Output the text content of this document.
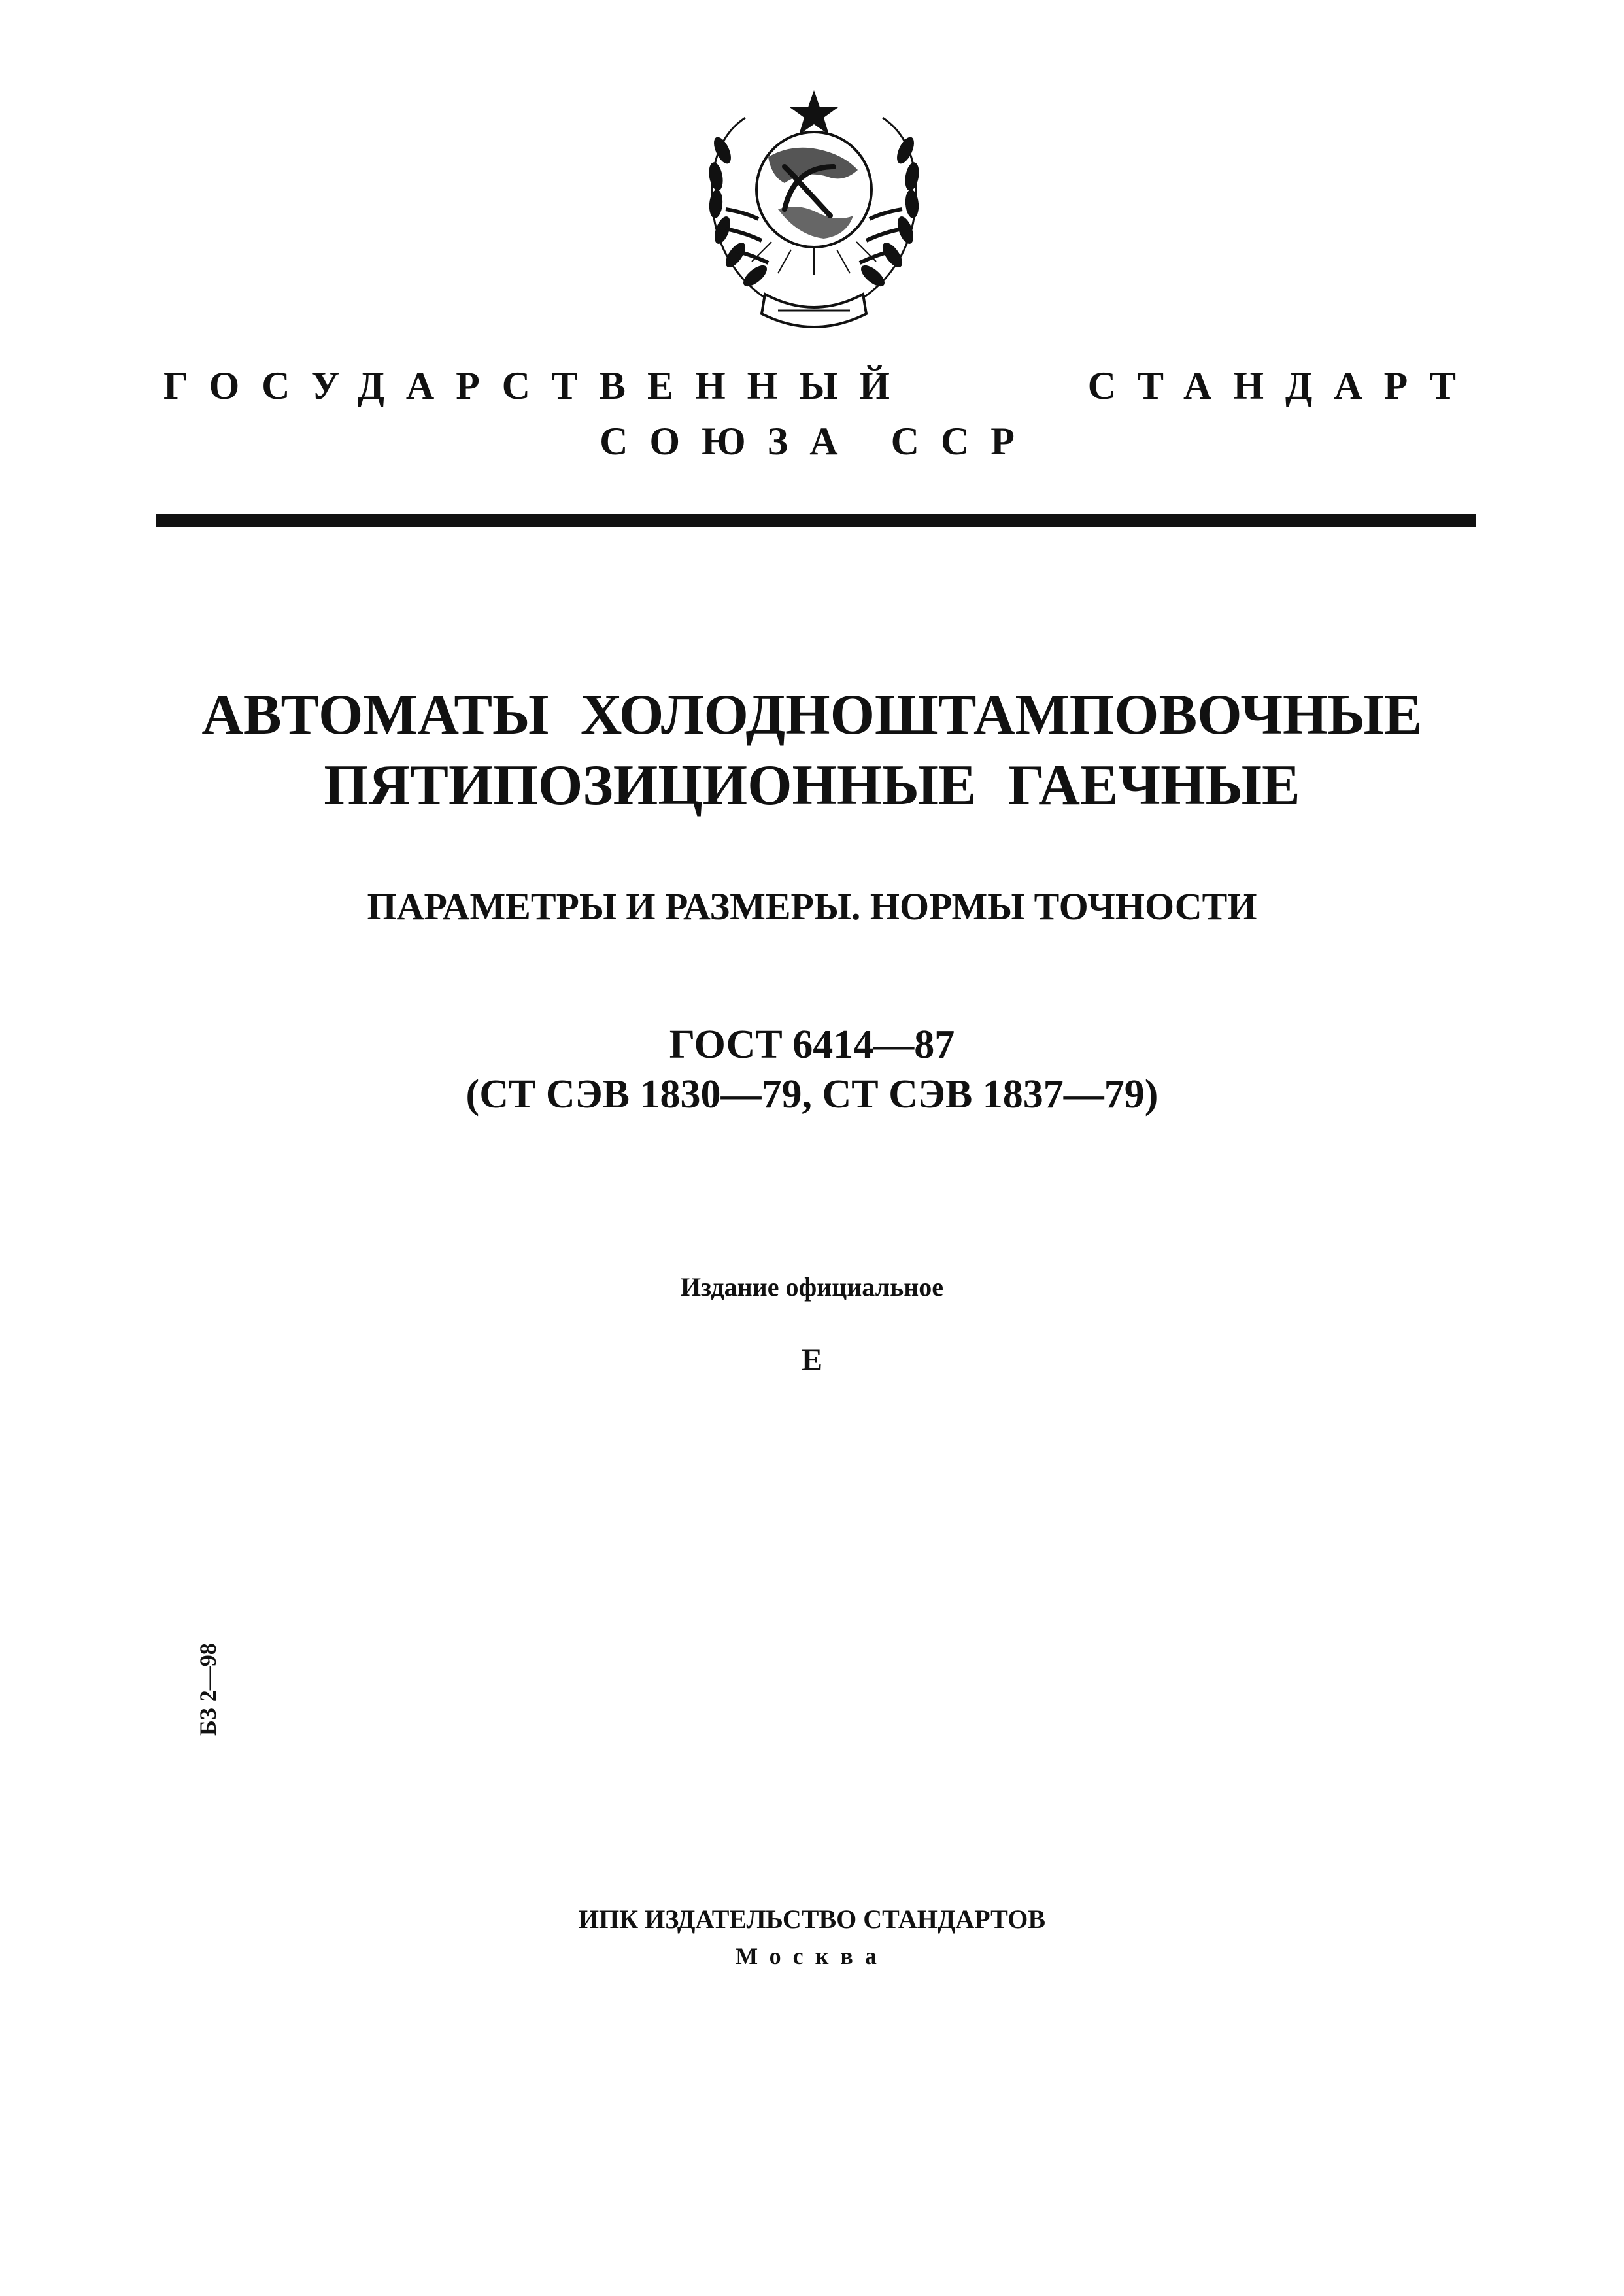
ГОСУДАРСТВЕННЫЙ	СТАНДАРТ
СОЮЗА ССР
АВТОМАТЫ ХОЛОДНОШТАМПОВОЧНЫЕ
ПЯТИПОЗИЦИОННЫЕ ГАЕЧНЫЕ
ПАРАМЕТРЫ И РАЗМЕРЫ. НОРМЫ ТОЧНОСТИ
ГОСТ 6414—87
(СТ СЭВ 1830—79, СТ СЭВ 1837—79)
Издание официальное
Е
БЗ 2—98
ИПК ИЗДАТЕЛЬСТВО СТАНДАРТОВ
Москва
